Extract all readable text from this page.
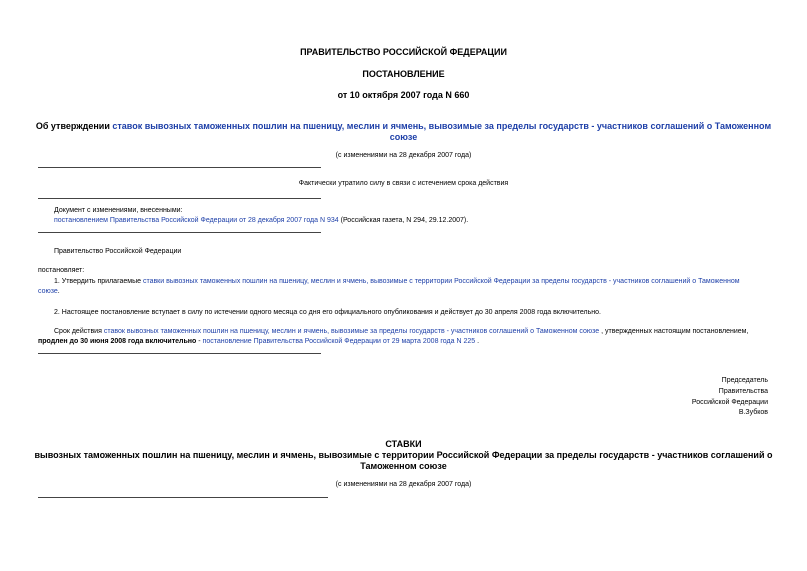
ПРАВИТЕЛЬСТВО РОССИЙСКОЙ ФЕДЕРАЦИИ
ПОСТАНОВЛЕНИЕ
от 10 октября 2007 года N 660
Об утверждении ставок вывозных таможенных пошлин на пшеницу, меслин и ячмень, вывозимые за пределы государств - участников соглашений о Таможенном
союзе
(с изменениями на 28 декабря 2007 года)
Фактически утратило силу в связи с истечением срока действия
Документ с изменениями, внесенными:
постановлением Правительства Российской Федерации от 28 декабря 2007 года N 934 (Российская газета, N 294, 29.12.2007).
Правительство Российской Федерации
постановляет:
1. Утвердить прилагаемые ставки вывозных таможенных пошлин на пшеницу, меслин и ячмень, вывозимые с территории Российской Федерации за пределы государств - участников соглашений о Таможенном
союзе.
2. Настоящее постановление вступает в силу по истечении одного месяца со дня его официального опубликования и действует до 30 апреля 2008 года включительно.
Срок действия ставок вывозных таможенных пошлин на пшеницу, меслин и ячмень, вывозимые за пределы государств - участников соглашений о Таможенном союзе , утвержденных настоящим постановлением,
продлен до 30 июня 2008 года включительно - постановление Правительства Российской Федерации от 29 марта 2008 года N 225 .
Председатель
Правительства
Российской Федерации
В.Зубков
СТАВКИ
вывозных таможенных пошлин на пшеницу, меслин и ячмень, вывозимые с территории Российской Федерации за пределы государств - участников соглашений о
Таможенном союзе
(с изменениями на 28 декабря 2007 года)
